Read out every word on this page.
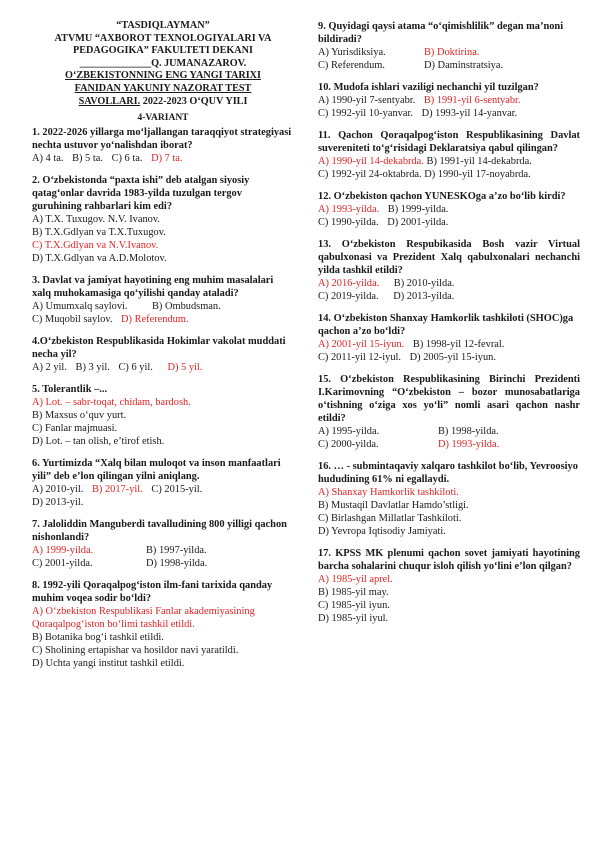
“TASDIQLAYMAN”
ATVMU “AXBOROT TEXNOLOGIYALARI VA
PEDAGOGIKA” FAKULTETI DEKANI
______________Q. JUMANAZAROV.
O‘ZBEKISTONNING ENG YANGI TARIXI
FANIDAN YAKUNIY NAZORAT TEST
SAVOLLARI. 2022-2023 O‘QUV YILI
4-VARIANT
1. 2022-2026 yillarga mo‘ljallangan taraqqiyot strategiyasi nechta ustuvor yo‘nalishdan iborat?
A) 4 ta. B) 5 ta. C) 6 ta. D) 7 ta.
2. O‘zbekistonda “paxta ishi” deb atalgan siyosiy qatag‘onlar davrida 1983-yilda tuzulgan tergov guruhining rahbarlari kim edi?
A) T.X. Tuxugov. N.V. Ivanov.
B) T.X.Gdlyan va T.X.Tuxugov.
C) T.X.Gdlyan va N.V.Ivanov.
D) T.X.Gdlyan va A.D.Molotov.
3. Davlat va jamiyat hayotining eng muhim masalalari xalq muhokamasiga qo‘yilishi qanday ataladi?
A) Umumxalq saylovi.	B) Ombudsman.
C) Muqobil saylov. D) Referendum.
4.O‘zbekiston Respublikasida Hokimlar vakolat muddati necha yil?
A) 2 yil. B) 3 yil. C) 6 yil. D) 5 yil.
5. Tolerantlik –...
A) Lot. – sabr-toqat, chidam, bardosh.
B) Maxsus o‘quv yurt.
C) Fanlar majmuasi.
D) Lot. – tan olish, e’tirof etish.
6. Yurtimizda “Xalq bilan muloqot va inson manfaatlari yili” deb e’lon qilingan yilni aniqlang.
A) 2010-yil. B) 2017-yil. C) 2015-yil.
D) 2013-yil.
7. Jaloliddin Manguberdi tavalludining 800 yilligi qachon nishonlandi?
A) 1999-yilda.	B) 1997-yilda.
C) 2001-yilda.	D) 1998-yilda.
8. 1992-yili Qoraqalpog‘iston ilm-fani tarixida qanday muhim voqea sodir bo‘ldi?
A) O‘zbekiston Respublikasi Fanlar akademiyasining Qoraqalpog‘iston bo‘limi tashkil etildi.
B) Botanika bog‘i tashkil etildi.
C) Sholining ertapishar va hosildor navi yaratildi.
D) Uchta yangi institut tashkil etildi.
9. Quyidagi qaysi atama “o‘qimishlilik” degan ma’noni bildiradi?
A) Yurisdiksiya.	B) Doktirina.
C) Referendum.	D) Daminstratsiya.
10. Mudofa ishlari vaziligi nechanchi yil tuzilgan?
A) 1990-yil 7-sentyabr. B) 1991-yil 6-sentyabr.
C) 1992-yil 10-yanvar. D) 1993-yil 14-yanvar.
11. Qachon Qoraqalpog‘iston Respublikasining Davlat suvereniteti to‘g‘risidagi Deklaratsiya qabul qilingan?
A) 1990-yil 14-dekabrda. B) 1991-yil 14-dekabrda.
C) 1992-yil 24-oktabrda. D) 1990-yil 17-noyabrda.
12. O‘zbekiston qachon YUNESKOga a’zo bo‘lib kirdi?
A) 1993-yilda. B) 1999-yilda.
C) 1990-yilda. D) 2001-yilda.
13. O‘zbekiston Respubikasida Bosh vazir Virtual qabulxonasi va Prezident Xalq qabulxonalari nechanchi yilda tashkil etildi?
A) 2016-yilda. B) 2010-yilda.
C) 2019-yilda. D) 2013-yilda.
14. O‘zbekiston Shanxay Hamkorlik tashkiloti (SHOC)ga qachon a’zo bo‘ldi?
A) 2001-yil 15-iyun. B) 1998-yil 12-fevral.
C) 2011-yil 12-iyul. D) 2005-yil 15-iyun.
15. O‘zbekiston Respublikasining Birinchi Prezidenti I.Karimovning “O‘zbekiston – bozor munosabatlariga o‘tishning o‘ziga xos yo‘li” nomli asari qachon nashr etildi?
A) 1995-yilda.	B) 1998-yilda.
C) 2000-yilda.	D) 1993-yilda.
16. … - submintaqaviy xalqaro tashkilot bo‘lib, Yevroosiyo hududining 61% ni egallaydi.
A) Shanxay Hamkorlik tashkiloti.
B) Mustaqil Davlatlar Hamdo’stligi.
C) Birlashgan Millatlar Tashkiloti.
D) Yevropa Iqtisodiy Jamiyati.
17. KPSS MK plenumi qachon sovet jamiyati hayotining barcha sohalarini chuqur isloh qilish yo‘lini e’lon qilgan?
A) 1985-yil aprel.
B) 1985-yil may.
C) 1985-yil iyun.
D) 1985-yil iyul.
